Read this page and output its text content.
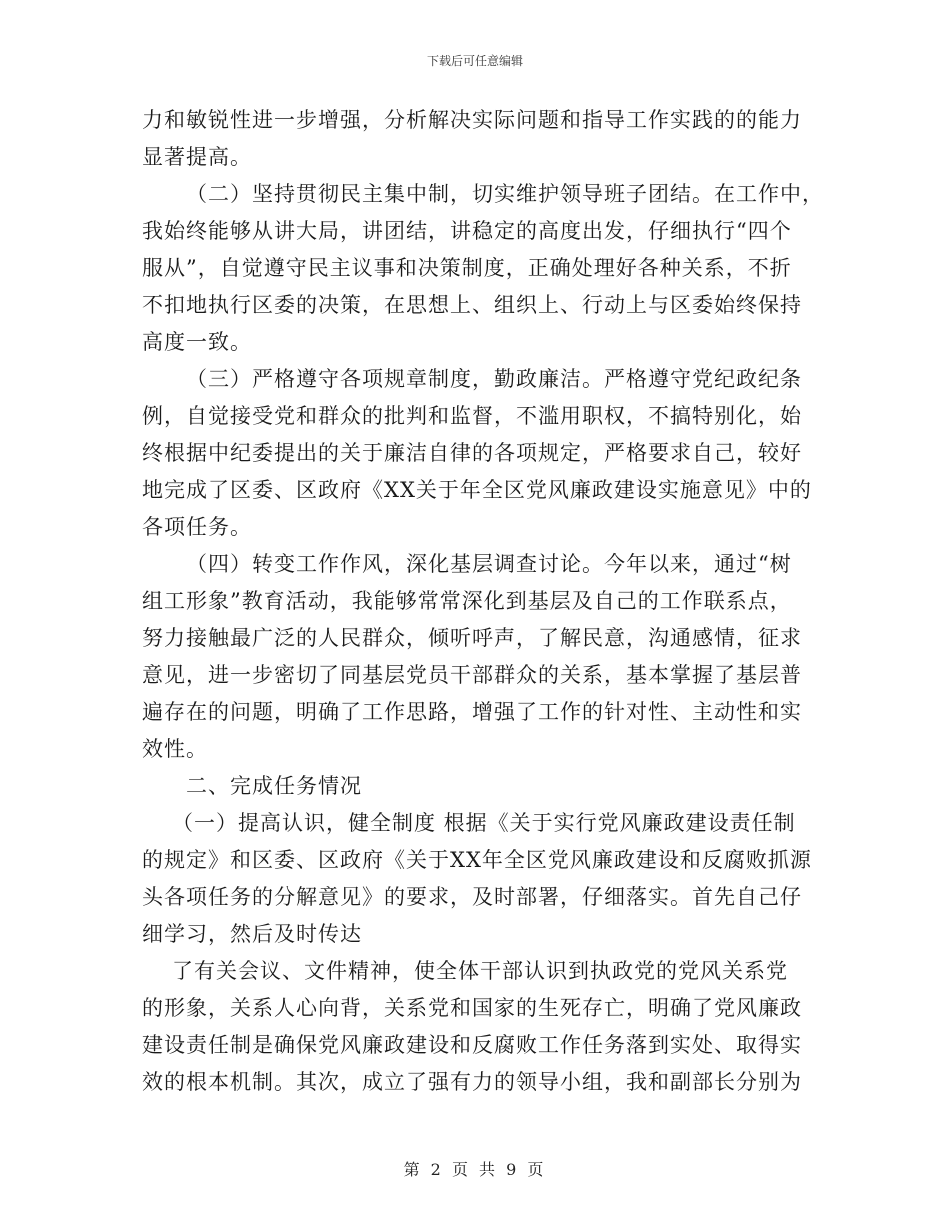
下载后可任意编辑
力和敏锐性进一步增强，分析解决实际问题和指导工作实践的的能力
显著提高。
（二）坚持贯彻民主集中制，切实维护领导班子团结。在工作中，
我始终能够从讲大局，讲团结，讲稳定的高度出发，仔细执行“四个
服从”，自觉遵守民主议事和决策制度，正确处理好各种关系，不折
不扣地执行区委的决策，在思想上、组织上、行动上与区委始终保持
高度一致。
（三）严格遵守各项规章制度，勤政廉洁。严格遵守党纪政纪条
例，自觉接受党和群众的批判和监督，不滥用职权，不搞特别化，始
终根据中纪委提出的关于廉洁自律的各项规定，严格要求自己，较好
地完成了区委、区政府《XX关于年全区党风廉政建设实施意见》中的
各项任务。
（四）转变工作作风，深化基层调查讨论。今年以来，通过“树
组工形象”教育活动，我能够常常深化到基层及自己的工作联系点，
努力接触最广泛的人民群众，倾听呼声，了解民意，沟通感情，征求
意见，进一步密切了同基层党员干部群众的关系，基本掌握了基层普
遍存在的问题，明确了工作思路，增强了工作的针对性、主动性和实
效性。
二、完成任务情况
（一）提高认识，健全制度 根据《关于实行党风廉政建设责任制
的规定》和区委、区政府《关于XX年全区党风廉政建设和反腐败抓源
头各项任务的分解意见》的要求，及时部署，仔细落实。首先自己仔
细学习，然后及时传达
了有关会议、文件精神，使全体干部认识到执政党的党风关系党
的形象，关系人心向背，关系党和国家的生死存亡，明确了党风廉政
建设责任制是确保党风廉政建设和反腐败工作任务落到实处、取得实
效的根本机制。其次，成立了强有力的领导小组，我和副部长分别为
第 2 页 共 9 页
